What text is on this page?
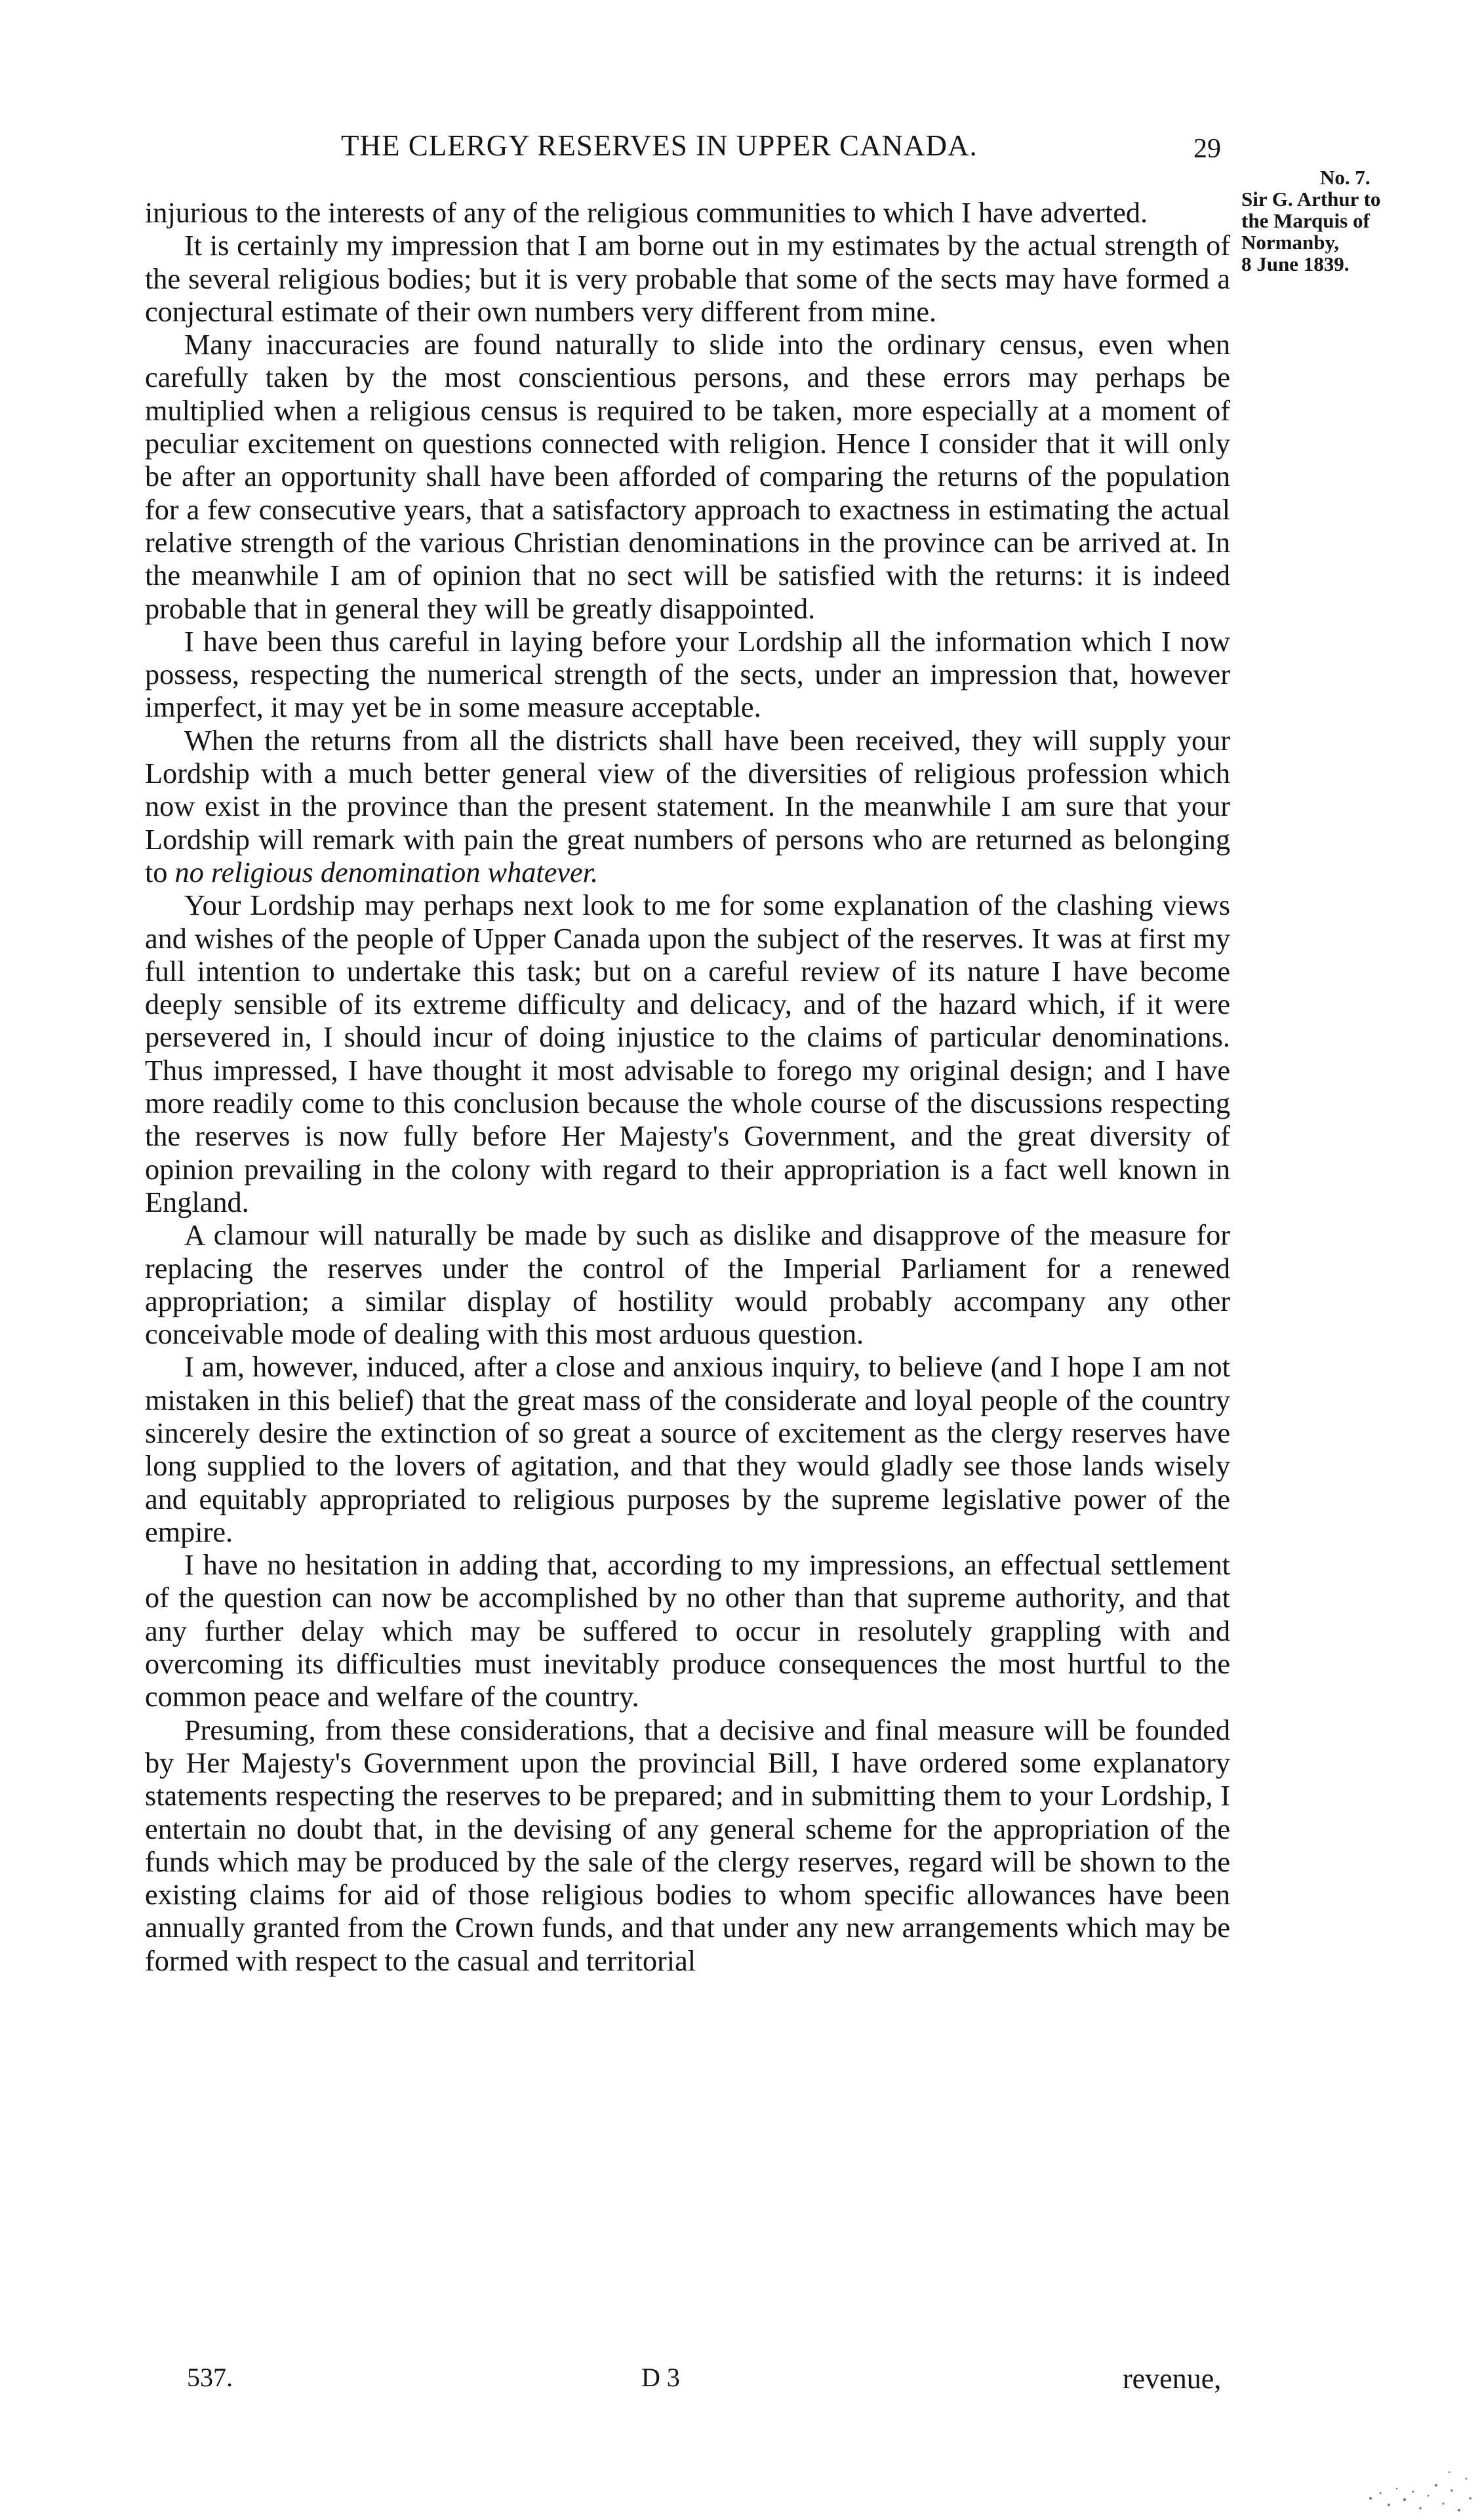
THE CLERGY RESERVES IN UPPER CANADA.	29
No. 7.
Sir G. Arthur to
the Marquis of
Normanby,
8 June 1839.

injurious to the interests of any of the religious communities to which I have adverted.

It is certainly my impression that I am borne out in my estimates by the actual strength of the several religious bodies; but it is very probable that some of the sects may have formed a conjectural estimate of their own numbers very different from mine.

Many inaccuracies are found naturally to slide into the ordinary census, even when carefully taken by the most conscientious persons, and these errors may perhaps be multiplied when a religious census is required to be taken, more especially at a moment of peculiar excitement on questions connected with religion. Hence I consider that it will only be after an opportunity shall have been afforded of comparing the returns of the population for a few consecutive years, that a satisfactory approach to exactness in estimating the actual relative strength of the various Christian denominations in the province can be arrived at. In the meanwhile I am of opinion that no sect will be satisfied with the returns: it is indeed probable that in general they will be greatly disappointed.

I have been thus careful in laying before your Lordship all the information which I now possess, respecting the numerical strength of the sects, under an impression that, however imperfect, it may yet be in some measure acceptable.

When the returns from all the districts shall have been received, they will supply your Lordship with a much better general view of the diversities of religious profession which now exist in the province than the present statement. In the meanwhile I am sure that your Lordship will remark with pain the great numbers of persons who are returned as belonging to no religious denomination whatever.

Your Lordship may perhaps next look to me for some explanation of the clashing views and wishes of the people of Upper Canada upon the subject of the reserves. It was at first my full intention to undertake this task; but on a careful review of its nature I have become deeply sensible of its extreme difficulty and delicacy, and of the hazard which, if it were persevered in, I should incur of doing injustice to the claims of particular denominations. Thus impressed, I have thought it most advisable to forego my original design; and I have more readily come to this conclusion because the whole course of the discussions respecting the reserves is now fully before Her Majesty's Government, and the great diversity of opinion prevailing in the colony with regard to their appropriation is a fact well known in England.

A clamour will naturally be made by such as dislike and disapprove of the measure for replacing the reserves under the control of the Imperial Parliament for a renewed appropriation; a similar display of hostility would probably accompany any other conceivable mode of dealing with this most arduous question.

I am, however, induced, after a close and anxious inquiry, to believe (and I hope I am not mistaken in this belief) that the great mass of the considerate and loyal people of the country sincerely desire the extinction of so great a source of excitement as the clergy reserves have long supplied to the lovers of agitation, and that they would gladly see those lands wisely and equitably appropriated to religious purposes by the supreme legislative power of the empire.

I have no hesitation in adding that, according to my impressions, an effectual settlement of the question can now be accomplished by no other than that supreme authority, and that any further delay which may be suffered to occur in resolutely grappling with and overcoming its difficulties must inevitably produce consequences the most hurtful to the common peace and welfare of the country.

Presuming, from these considerations, that a decisive and final measure will be founded by Her Majesty's Government upon the provincial Bill, I have ordered some explanatory statements respecting the reserves to be prepared; and in submitting them to your Lordship, I entertain no doubt that, in the devising of any general scheme for the appropriation of the funds which may be produced by the sale of the clergy reserves, regard will be shown to the existing claims for aid of those religious bodies to whom specific allowances have been annually granted from the Crown funds, and that under any new arrangements which may be formed with respect to the casual and territorial

537.	D 3	revenue,
